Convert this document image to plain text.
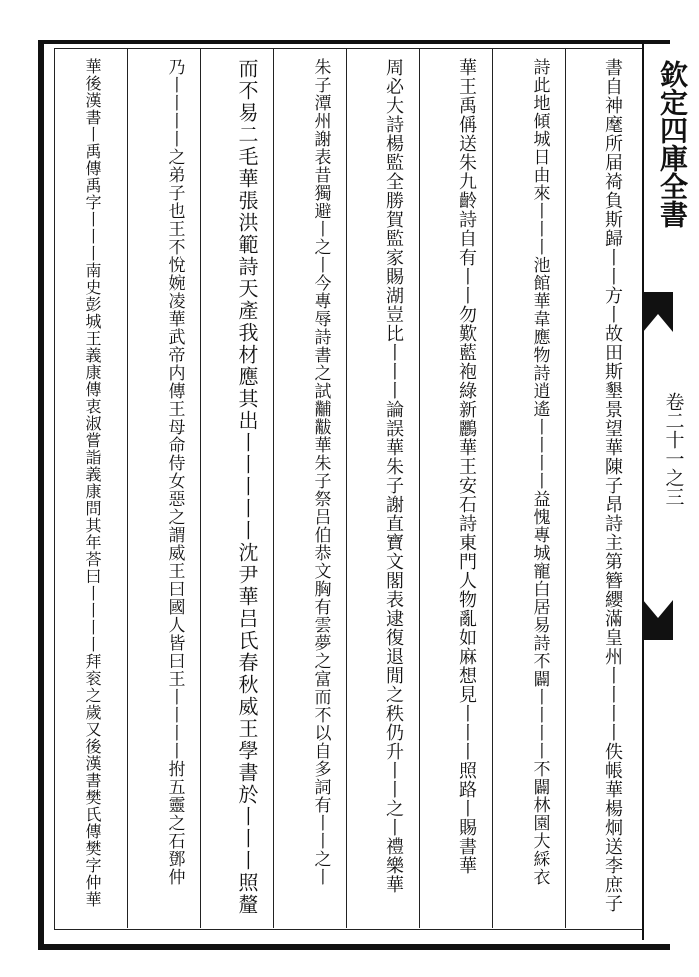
欽定四庫全書
卷二十一之三
書自神麾所届䄎負斯歸丨丨方丨故田斯墾景望華陳子昂詩主第簪纓滿皇州丨丨丨丨佚帳華楊炯送李庶子
詩此地傾城日由來丨丨丨池館華韋應物詩逍遙丨丨丨丨益愧專城寵白居易詩不闢丨丨丨丨不闢林園大綵衣
華王禹偁送朱九齡詩自有丨丨勿歎藍袍綠新鸝華王安石詩東門人物亂如麻想見丨丨丨照路丨賜書華
周必大詩楊監全勝賀監家賜湖豈比丨丨丨論誤華朱子謝直寶文閣表逮復退閒之秩仍升丨丨之丨禮樂華
朱子潭州謝表昔獨避丨之丨今專辱詩書之試黼黻華朱子祭吕伯恭文胸有雲夢之富而不以自多詞有丨丨之丨
而不易二毛華張洪範詩天產我材應其出丨丨丨丨丨沈尹華吕氏春秋威王學書於丨丨丨照釐
乃丨丨丨丨之弟子也王不悅婉凌華武帝内傳王母命侍女惡之謂威王曰國人皆曰王丨丨丨丨拊五靈之石鄧仲
華後漢書丨禹傳禹字丨丨丨南史彭城王義康傳衷淑嘗詣義康問其年荅曰丨丨丨丨拜衮之歲又後漢書樊氏傳樊字仲華
